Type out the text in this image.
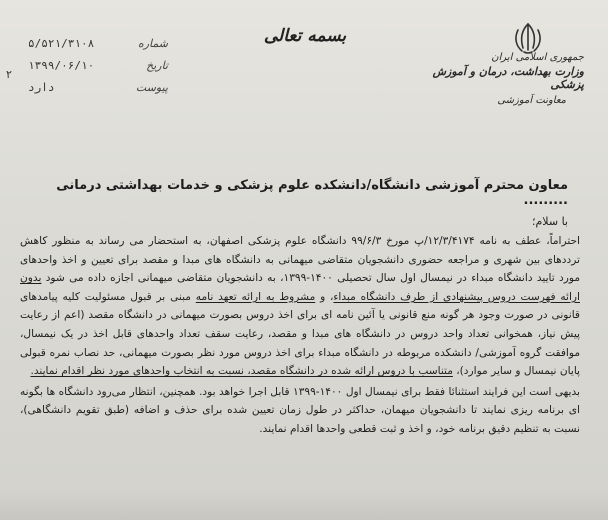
شماره
۵/۵۲۱/۳۱۰۸
تاریخ
۱۳۹۹/۰۶/۱۰
پیوست
دارد
۲
بسمه تعالی
جمهوری اسلامی ایران
وزارت بهداشت، درمان و آموزش پزشکی
معاونت آموزشی
معاون محترم آموزشی دانشگاه/دانشکده علوم پزشکی و خدمات بهداشتی درمانی .........
با سلام؛

احتراماً، عطف به نامه ۱۲/۳/۴۱۷۴/پ مورخ ۹۹/۶/۳ دانشگاه علوم پزشکی اصفهان، به استحضار می رساند به منظور کاهش ترددهای بین شهری و مراجعه حضوری دانشجویان متقاضی میهمانی به دانشگاه های مبدا و مقصد برای تعیین و اخذ واحدهای مورد تایید دانشگاه مبداء در نیمسال اول سال تحصیلی ۱۴۰۰-۱۳۹۹، به دانشجویان متقاضی میهمانی اجازه داده می شود بدون ارائه فهرست دروس پیشنهادی از طرف دانشگاه مبداء، و مشروط به ارائه تعهد نامه مبنی بر قبول مسئولیت کلیه پیامدهای قانونی در صورت وجود هر گونه منع قانونی یا آئین نامه ای برای اخذ دروس بصورت میهمانی در دانشگاه مقصد (اعم از رعایت پیش نیاز، همخوانی تعداد واحد دروس در دانشگاه های مبدا و مقصد، رعایت سقف تعداد واحدهای قابل اخذ در یک نیمسال، موافقت گروه آموزشی/ دانشکده مربوطه در دانشگاه مبداء برای اخذ دروس مورد نظر بصورت میهمانی، حد نصاب نمره قبولی پایان نیمسال و سایر موارد)، متناسب با دروس ارائه شده در دانشگاه مقصد، نسبت به انتخاب واحدهای مورد نظر اقدام نمایند.

بدیهی است این فرایند استثنائا فقط برای نیمسال اول ۱۴۰۰-۱۳۹۹ قابل اجرا خواهد بود. همچنین، انتظار می‌رود دانشگاه ها بگونه ای برنامه ریزی نمایند تا دانشجویان میهمان، حداکثر در طول زمان تعیین شده برای حذف و اضافه (طبق تقویم دانشگاهی)، نسبت به تنظیم دقیق برنامه خود، و اخذ و ثبت قطعی واحدها اقدام نمایند.
